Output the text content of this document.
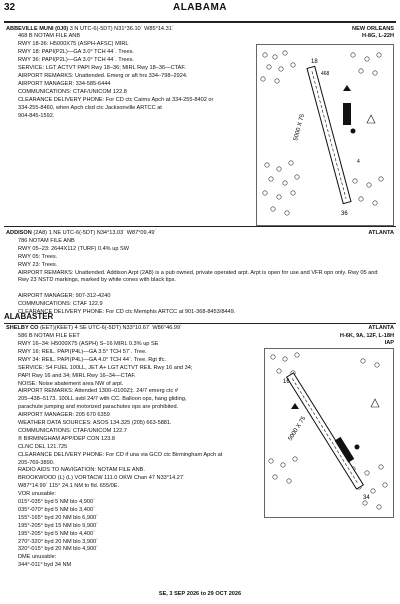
32	ALABAMA
ABBEVILLE MUNI (0J0) 3 N UTC-6(-5DT) N31°36.10´ W85°14.31´	NEW ORLEANS
468 B NOTAM FILE ANB	H-8G, L-22H
RWY 18-36: H5000X75 (ASPH-AFSC) MIRL
RWY 18: PAPI(P2L)—GA 3.0° TCH 44´. Trees.
RWY 36: PAPI(P2L)—GA 3.0° TCH 44´. Trees.
SERVICE: LGT ACTVT PAPI Rwy 18–36; MIRL Rwy 18–36—CTAF.
AIRPORT REMARKS: Unattended. Emerg or aft hrs 334–798–2924.
AIRPORT MANAGER: 334-585-6444
COMMUNICATIONS: CTAF/UNICOM 122.8
CLEARANCE DELIVERY PHONE: For CD ctc Cairns Apch at 334-255-8402 or
334-255-8460, when Apch clsd ctc Jacksonville ARTCC at
904-845-1592.	5000 X 75
18
36
468
4
ADDISON (2A8) 1 NE UTC-6(-5DT) N34°13.03´ W87°09.49´	ATLANTA
786 NOTAM FILE ANB
RWY 05–23: 2644X112 (TURF) 0.4% up SW
RWY 05: Trees.
RWY 23: Trees.
AIRPORT REMARKS: Unattended. Addison Arpt (2A8) is a pub owned, private operated arpt. Arpt is open for use and VFR opn only. Rwy 05 and Rwy 23 NSTD markings, marked by white cones with black tips.
AIRPORT MANAGER: 907-312-4240
COMMUNICATIONS: CTAF 122.9
CLEARANCE DELIVERY PHONE: For CD ctc Memphis ARTCC at 901-368-8453/8449.
ALABASTER
SHELBY CO (EET)(KEET) 4 SE UTC-6(-5DT) N33°10.67´ W86°46.99´	ATLANTA
586 B NOTAM FILE EET	H-6K, 9A, 12F, L-18H
IAP
RWY 16–34: H5000X75 (ASPH) S–16 MIRL 0.3% up SE
RWY 16: REIL. PAPI(P4L)—GA 3.5° TCH 57´. Tree.
RWY 34: REIL. PAPI(P4L)—GA 4.0° TCH 44´. Tree. Rgt tfc.
SERVICE: S4 FUEL 100LL, JET A+ LGT ACTVT REIL Rwy 16 and 34;
PAPI Rwy 16 and 34; MIRL Rwy 16–34—CTAF.
NOISE: Noise abatement area NW of arpt.
AIRPORT REMARKS: Attended 1300–0100Z‡. 24/7 emerg ctc #
205–438–5173. 100LL avbl 24/7 with CC. Balloon ops, hang gliding,
parachute jumping and motorized parachutes ops are prohibited.
AIRPORT MANAGER: 205 670 6359
WEATHER DATA SOURCES: ASOS 134.325 (205) 663-5881.
COMMUNICATIONS: CTAF/UNICOM 122.7
® BIRMINGHAM APP/DEP CON 123.8
CLNC DEL 121.725
CLEARANCE DELIVERY PHONE: For CD if una via GCO ctc Birmingham Apch at
205-769-3890.
RADIO AIDS TO NAVIGATION: NOTAM FILE ANB.
BROOKWOOD (L) (L) VORTACW 111.0 OKW Chan 47 N33°14.27´
W87°14.99´ 115° 24.1 NM to fld. 655/0E.
VOR unusable:
015°-035° byd 5 NM blo 4,900´
035°-070° byd 5 NM blo 3,400´
155°-165° byd 20 NM blo 6,900´
195°-205° byd 15 NM blo 9,900´
195°-205° byd 5 NM blo 4,400´
270°-320° byd 20 NM blo 3,900´
320°-015° byd 20 NM blo 4,900´
DME unusable:
344°-011° byd 34 NM
5000 X 75
16
34
SE, 3 SEP 2026 to 29 OCT 2026
